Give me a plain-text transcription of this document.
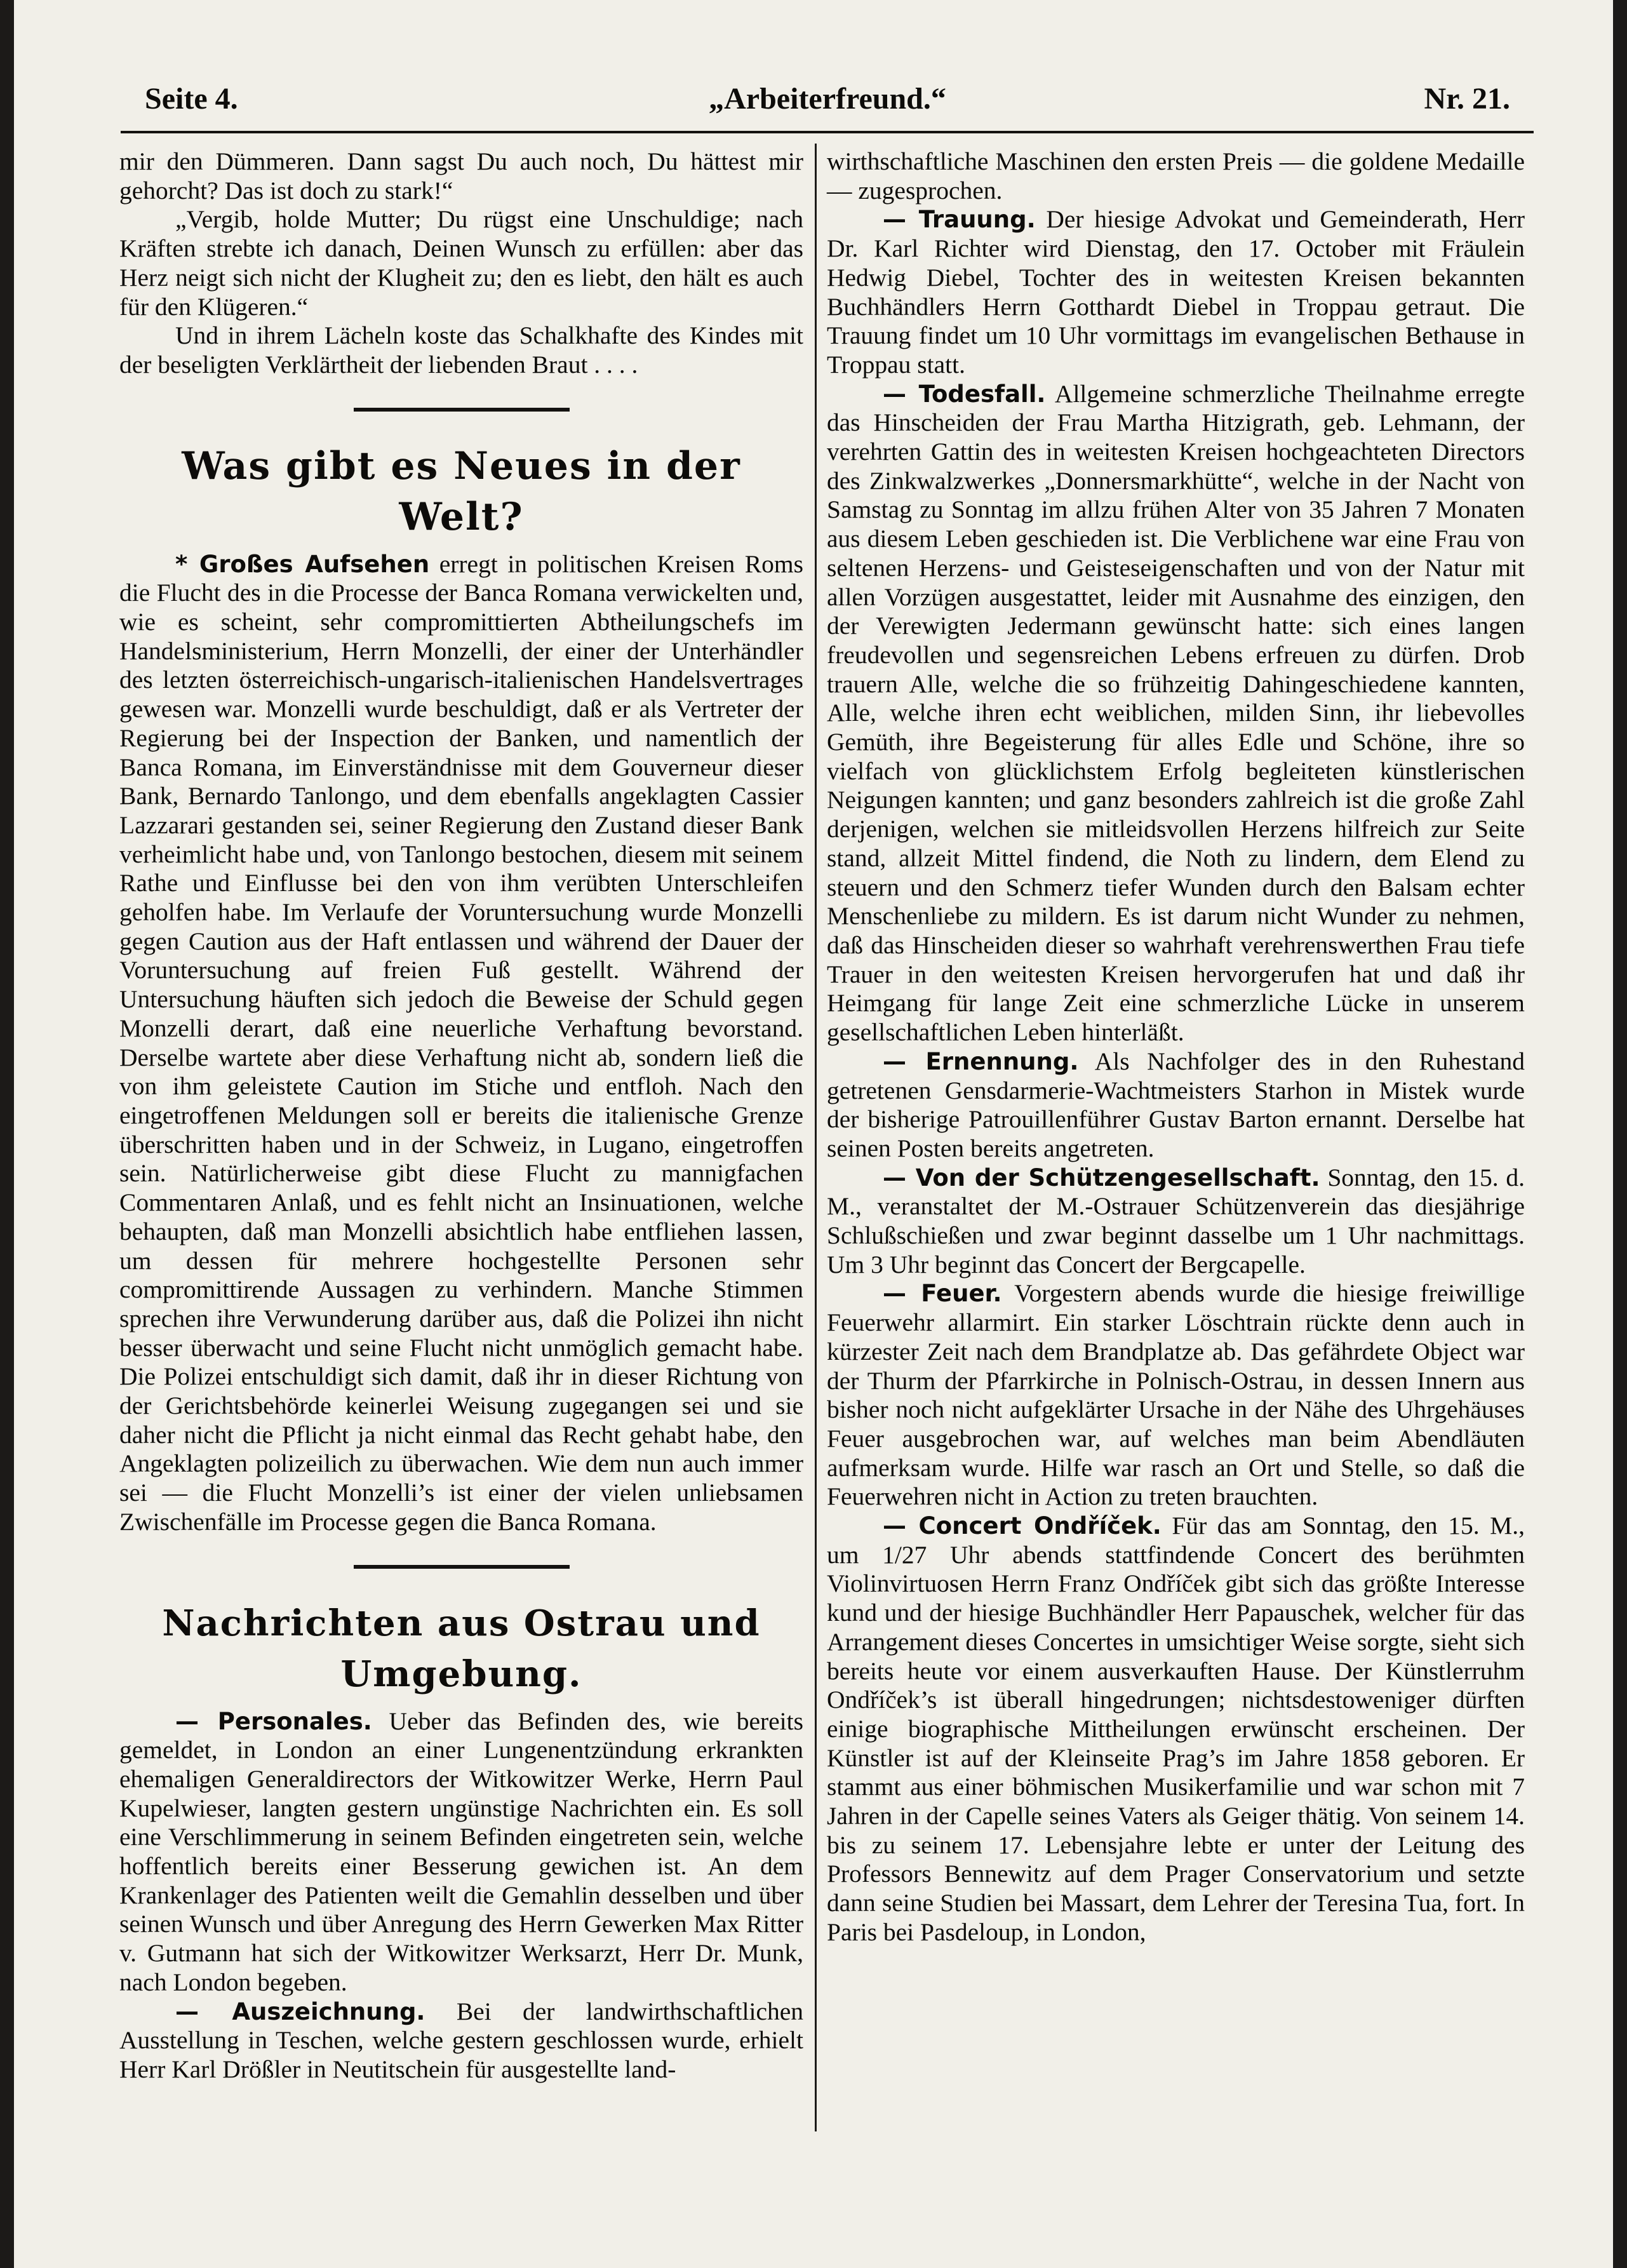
Seite 4.	„Arbeiterfreund.“	Nr. 21.

mir den Dümmeren. Dann sagst Du auch noch, Du hättest mir gehorcht? Das ist doch zu stark!“

„Vergib, holde Mutter; Du rügst eine Unschuldige; nach Kräften strebte ich danach, Deinen Wunsch zu erfüllen: aber das Herz neigt sich nicht der Klugheit zu; den es liebt, den hält es auch für den Klügeren.“

Und in ihrem Lächeln koste das Schalkhafte des Kindes mit der beseligten Verklärtheit der liebenden Braut . . . .

Was gibt es Neues in der Welt?

* Großes Aufsehen erregt in politischen Kreisen Roms die Flucht des in die Processe der Banca Romana verwickelten und, wie es scheint, sehr compromittierten Abtheilungschefs im Handelsministerium, Herrn Monzelli, der einer der Unterhändler des letzten österreichisch-ungarisch-italienischen Handelsvertrages gewesen war. Monzelli wurde beschuldigt, daß er als Vertreter der Regierung bei der Inspection der Banken, und namentlich der Banca Romana, im Einverständnisse mit dem Gouverneur dieser Bank, Bernardo Tanlongo, und dem ebenfalls angeklagten Cassier Lazzarari gestanden sei, seiner Regierung den Zustand dieser Bank verheimlicht habe und, von Tanlongo bestochen, diesem mit seinem Rathe und Einflusse bei den von ihm verübten Unterschleifen geholfen habe. Im Verlaufe der Voruntersuchung wurde Monzelli gegen Caution aus der Haft entlassen und während der Dauer der Voruntersuchung auf freien Fuß gestellt. Während der Untersuchung häuften sich jedoch die Beweise der Schuld gegen Monzelli derart, daß eine neuerliche Verhaftung bevorstand. Derselbe wartete aber diese Verhaftung nicht ab, sondern ließ die von ihm geleistete Caution im Stiche und entfloh. Nach den eingetroffenen Meldungen soll er bereits die italienische Grenze überschritten haben und in der Schweiz, in Lugano, eingetroffen sein. Natürlicherweise gibt diese Flucht zu mannigfachen Commentaren Anlaß, und es fehlt nicht an Insinuationen, welche behaupten, daß man Monzelli absichtlich habe entfliehen lassen, um dessen für mehrere hochgestellte Personen sehr compromittirende Aussagen zu verhindern. Manche Stimmen sprechen ihre Verwunderung darüber aus, daß die Polizei ihn nicht besser überwacht und seine Flucht nicht unmöglich gemacht habe. Die Polizei entschuldigt sich damit, daß ihr in dieser Richtung von der Gerichtsbehörde keinerlei Weisung zugegangen sei und sie daher nicht die Pflicht ja nicht einmal das Recht gehabt habe, den Angeklagten polizeilich zu überwachen. Wie dem nun auch immer sei — die Flucht Monzelli’s ist einer der vielen unliebsamen Zwischenfälle im Processe gegen die Banca Romana.

Nachrichten aus Ostrau und Umgebung.

— Personales. Ueber das Befinden des, wie bereits gemeldet, in London an einer Lungenentzündung erkrankten ehemaligen Generaldirectors der Witkowitzer Werke, Herrn Paul Kupelwieser, langten gestern ungünstige Nachrichten ein. Es soll eine Verschlimmerung in seinem Befinden eingetreten sein, welche hoffentlich bereits einer Besserung gewichen ist. An dem Krankenlager des Patienten weilt die Gemahlin desselben und über seinen Wunsch und über Anregung des Herrn Gewerken Max Ritter v. Gutmann hat sich der Witkowitzer Werksarzt, Herr Dr. Munk, nach London begeben.

— Auszeichnung. Bei der landwirthschaftlichen Ausstellung in Teschen, welche gestern geschlossen wurde, erhielt Herr Karl Drößler in Neutitschein für ausgestellte land-

wirthschaftliche Maschinen den ersten Preis — die goldene Medaille — zugesprochen.

— Trauung. Der hiesige Advokat und Gemeinderath, Herr Dr. Karl Richter wird Dienstag, den 17. October mit Fräulein Hedwig Diebel, Tochter des in weitesten Kreisen bekannten Buchhändlers Herrn Gotthardt Diebel in Troppau getraut. Die Trauung findet um 10 Uhr vormittags im evangelischen Bethause in Troppau statt.

— Todesfall. Allgemeine schmerzliche Theilnahme erregte das Hinscheiden der Frau Martha Hitzigrath, geb. Lehmann, der verehrten Gattin des in weitesten Kreisen hochgeachteten Directors des Zinkwalzwerkes „Donnersmarkhütte“, welche in der Nacht von Samstag zu Sonntag im allzu frühen Alter von 35 Jahren 7 Monaten aus diesem Leben geschieden ist. Die Verblichene war eine Frau von seltenen Herzens- und Geisteseigenschaften und von der Natur mit allen Vorzügen ausgestattet, leider mit Ausnahme des einzigen, den der Verewigten Jedermann gewünscht hatte: sich eines langen freudevollen und segensreichen Lebens erfreuen zu dürfen. Drob trauern Alle, welche die so frühzeitig Dahingeschiedene kannten, Alle, welche ihren echt weiblichen, milden Sinn, ihr liebevolles Gemüth, ihre Begeisterung für alles Edle und Schöne, ihre so vielfach von glücklichstem Erfolg begleiteten künstlerischen Neigungen kannten; und ganz besonders zahlreich ist die große Zahl derjenigen, welchen sie mitleidsvollen Herzens hilfreich zur Seite stand, allzeit Mittel findend, die Noth zu lindern, dem Elend zu steuern und den Schmerz tiefer Wunden durch den Balsam echter Menschenliebe zu mildern. Es ist darum nicht Wunder zu nehmen, daß das Hinscheiden dieser so wahrhaft verehrenswerthen Frau tiefe Trauer in den weitesten Kreisen hervorgerufen hat und daß ihr Heimgang für lange Zeit eine schmerzliche Lücke in unserem gesellschaftlichen Leben hinterläßt.

— Ernennung. Als Nachfolger des in den Ruhestand getretenen Gensdarmerie-Wachtmeisters Starhon in Mistek wurde der bisherige Patrouillenführer Gustav Barton ernannt. Derselbe hat seinen Posten bereits angetreten.

— Von der Schützengesellschaft. Sonntag, den 15. d. M., veranstaltet der M.-Ostrauer Schützenverein das diesjährige Schlußschießen und zwar beginnt dasselbe um 1 Uhr nachmittags. Um 3 Uhr beginnt das Concert der Bergcapelle.

— Feuer. Vorgestern abends wurde die hiesige freiwillige Feuerwehr allarmirt. Ein starker Löschtrain rückte denn auch in kürzester Zeit nach dem Brandplatze ab. Das gefährdete Object war der Thurm der Pfarrkirche in Polnisch-Ostrau, in dessen Innern aus bisher noch nicht aufgeklärter Ursache in der Nähe des Uhrgehäuses Feuer ausgebrochen war, auf welches man beim Abendläuten aufmerksam wurde. Hilfe war rasch an Ort und Stelle, so daß die Feuerwehren nicht in Action zu treten brauchten.

— Concert Ondříček. Für das am Sonntag, den 15. M., um 1/27 Uhr abends stattfindende Concert des berühmten Violinvirtuosen Herrn Franz Ondříček gibt sich das größte Interesse kund und der hiesige Buchhändler Herr Papauschek, welcher für das Arrangement dieses Concertes in umsichtiger Weise sorgte, sieht sich bereits heute vor einem ausverkauften Hause. Der Künstlerruhm Ondříček’s ist überall hingedrungen; nichtsdestoweniger dürften einige biographische Mittheilungen erwünscht erscheinen. Der Künstler ist auf der Kleinseite Prag’s im Jahre 1858 geboren. Er stammt aus einer böhmischen Musikerfamilie und war schon mit 7 Jahren in der Capelle seines Vaters als Geiger thätig. Von seinem 14. bis zu seinem 17. Lebensjahre lebte er unter der Leitung des Professors Bennewitz auf dem Prager Conservatorium und setzte dann seine Studien bei Massart, dem Lehrer der Teresina Tua, fort. In Paris bei Pasdeloup, in London,
